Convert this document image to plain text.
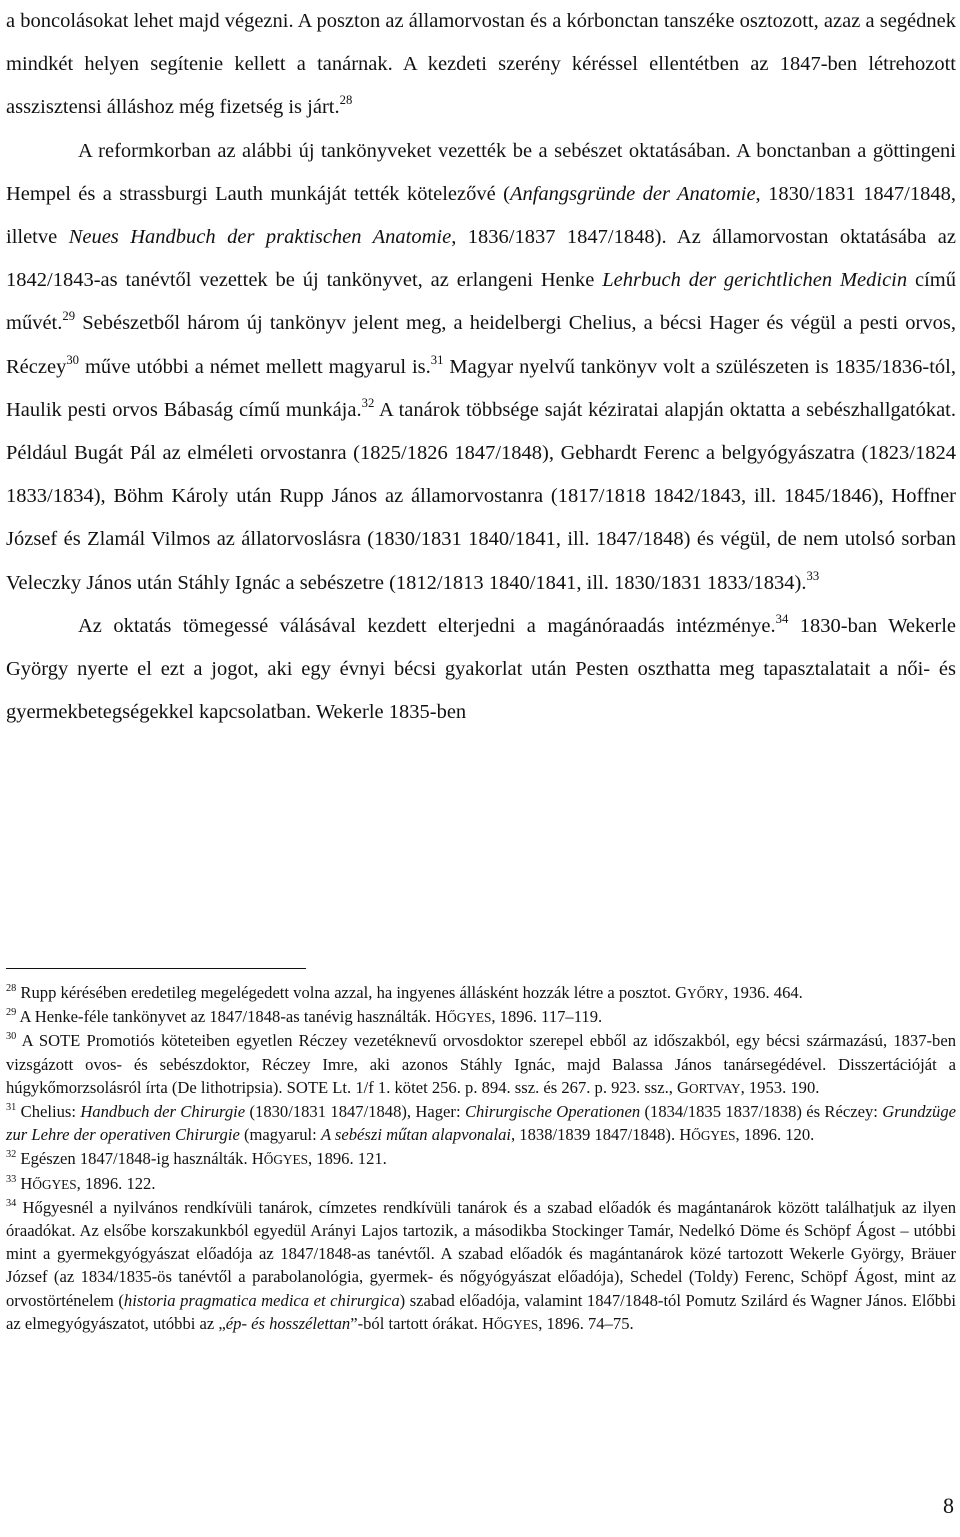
a boncolásokat lehet majd végezni. A poszton az államorvostan és a kórbonctan tanszéke osztozott, azaz a segédnek mindkét helyen segítenie kellett a tanárnak. A kezdeti szerény kéréssel ellentétben az 1847-ben létrehozott asszisztensi álláshoz még fizetség is járt.$^{28}$

A reformkorban az alábbi új tankönyveket vezették be a sebészet oktatásában. A bonctanban a göttingeni Hempel és a strassburgi Lauth munkáját tették kötelezővé (Anfangsgründe der Anatomie, 1830/1831 1847/1848, illetve Neues Handbuch der praktischen Anatomie, 1836/1837 1847/1848). Az államorvostan oktatásába az 1842/1843-as tanévtől vezettek be új tankönyvet, az erlangeni Henke Lehrbuch der gerichtlichen Medicin című művét.$^{29}$ Sebészetből három új tankönyv jelent meg, a heidelbergi Chelius, a bécsi Hager és végül a pesti orvos, Réczey$^{30}$ műve utóbbi a német mellett magyarul is.$^{31}$ Magyar nyelvű tankönyv volt a szülészeten is 1835/1836-tól, Haulik pesti orvos Bábaság című munkája.$^{32}$ A tanárok többsége saját kéziratai alapján oktatta a sebészhallgatókat. Például Bugát Pál az elméleti orvostanra (1825/1826 1847/1848), Gebhardt Ferenc a belgyógyászatra (1823/1824 1833/1834), Böhm Károly után Rupp János az államorvostanra (1817/1818 1842/1843, ill. 1845/1846), Hoffner József és Zlamál Vilmos az állatorvoslásra (1830/1831 1840/1841, ill. 1847/1848) és végül, de nem utolsó sorban Veleczky János után Stáhly Ignác a sebészetre (1812/1813 1840/1841, ill. 1830/1831 1833/1834).$^{33}$

Az oktatás tömegessé válásával kezdett elterjedni a magánóraadás intézménye.$^{34}$ 1830-ban Wekerle György nyerte el ezt a jogot, aki egy évnyi bécsi gyakorlat után Pesten oszthatta meg tapasztalatait a női- és gyermekbetegségekkel kapcsolatban. Wekerle 1835-ben

$^{28}$ Rupp kérésében eredetileg megelégedett volna azzal, ha ingyenes állásként hozzák létre a posztot. GYŐRY, 1936. 464.

$^{29}$ A Henke-féle tankönyvet az 1847/1848-as tanévig használták. HŐGYES, 1896. 117–119.

$^{30}$ A SOTE Promotiós köteteiben egyetlen Réczey vezetéknevű orvosdoktor szerepel ebből az időszakból, egy bécsi származású, 1837-ben vizsgázott ovos- és sebészdoktor, Réczey Imre, aki azonos Stáhly Ignác, majd Balassa János tanársegédével. Disszertációját a húgykőmorzsolásról írta (De lithotripsia). SOTE Lt. 1/f 1. kötet 256. p. 894. ssz. és 267. p. 923. ssz., GORTVAY, 1953. 190.

$^{31}$ Chelius: Handbuch der Chirurgie (1830/1831 1847/1848), Hager: Chirurgische Operationen (1834/1835 1837/1838) és Réczey: Grundzüge zur Lehre der operativen Chirurgie (magyarul: A sebészi műtan alapvonalai, 1838/1839 1847/1848). HŐGYES, 1896. 120.

$^{32}$ Egészen 1847/1848-ig használták. HŐGYES, 1896. 121.

$^{33}$ HŐGYES, 1896. 122.

$^{34}$ Hőgyesnél a nyilvános rendkívüli tanárok, címzetes rendkívüli tanárok és a szabad előadók és magántanárok között találhatjuk az ilyen óraadókat. Az elsőbe korszakunkból egyedül Arányi Lajos tartozik, a másodikba Stockinger Tamár, Nedelkó Döme és Schöpf Ágost – utóbbi mint a gyermekgyógyászat előadója az 1847/1848-as tanévtől. A szabad előadók és magántanárok közé tartozott Wekerle György, Bräuer József (az 1834/1835-ös tanévtől a parabolanológia, gyermek- és nőgyógyászat előadója), Schedel (Toldy) Ferenc, Schöpf Ágost, mint az orvostörténelem (historia pragmatica medica et chirurgica) szabad előadója, valamint 1847/1848-tól Pomutz Szilárd és Wagner János. Előbbi az elmegyógyászatot, utóbbi az „ép- és hosszélettan”-ból tartott órákat. HŐGYES, 1896. 74–75.

8
